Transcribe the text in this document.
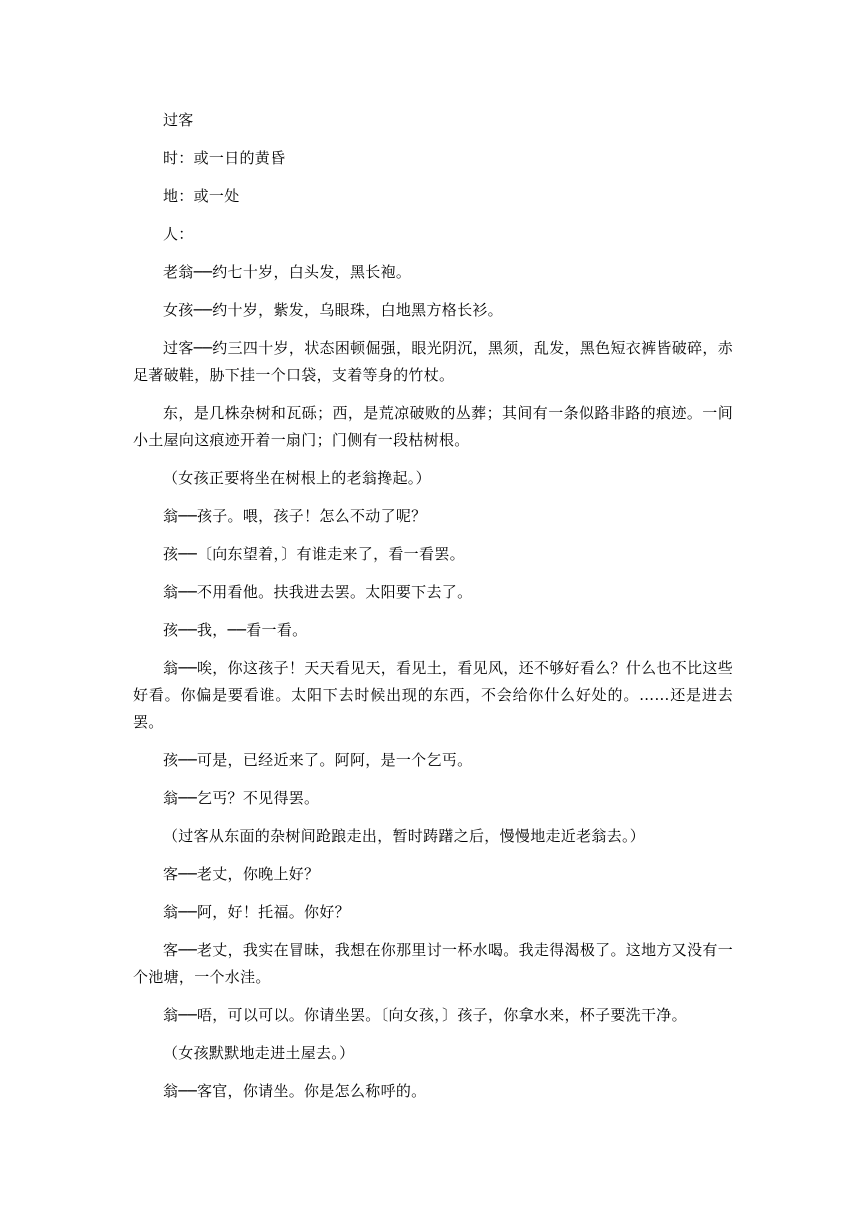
过客

时：或一日的黄昏

地：或一处

人：

老翁──约七十岁，白头发，黑长袍。

女孩──约十岁，紫发，乌眼珠，白地黑方格长衫。

过客──约三四十岁，状态困顿倔强，眼光阴沉，黑须，乱发，黑色短衣裤皆破碎，赤足著破鞋，胁下挂一个口袋，支着等身的竹杖。

东，是几株杂树和瓦砾；西，是荒凉破败的丛葬；其间有一条似路非路的痕迹。一间小土屋向这痕迹开着一扇门；门侧有一段枯树根。

（女孩正要将坐在树根上的老翁搀起。）

翁──孩子。喂，孩子！怎么不动了呢？

孩──〔向东望着，〕有谁走来了，看一看罢。

翁──不用看他。扶我进去罢。太阳要下去了。

孩──我，──看一看。

翁──唉，你这孩子！天天看见天，看见土，看见风，还不够好看么？什么也不比这些好看。你偏是要看谁。太阳下去时候出现的东西，不会给你什么好处的。……还是进去罢。

孩──可是，已经近来了。阿阿，是一个乞丐。

翁──乞丐？不见得罢。

（过客从东面的杂树间跄踉走出，暂时踌躇之后，慢慢地走近老翁去。）

客──老丈，你晚上好？

翁──阿，好！托福。你好？

客──老丈，我实在冒昧，我想在你那里讨一杯水喝。我走得渴极了。这地方又没有一个池塘，一个水洼。

翁──唔，可以可以。你请坐罢。〔向女孩，〕孩子，你拿水来，杯子要洗干净。

（女孩默默地走进土屋去。）

翁──客官，你请坐。你是怎么称呼的。
